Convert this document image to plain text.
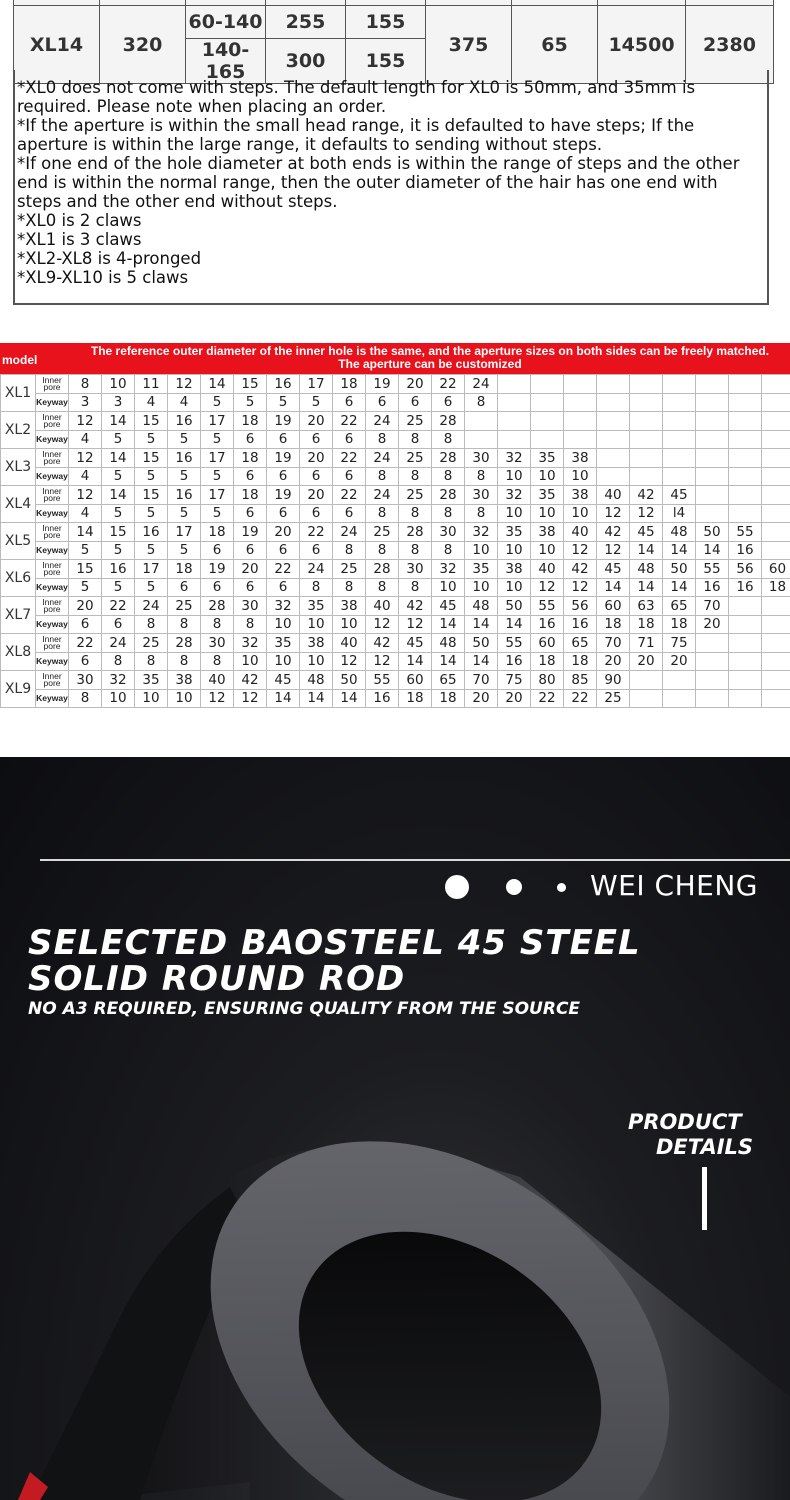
XL14	320	60-140	255	155	375	65	14500	2380
		140-165	300	155				

*XL0 does not come with steps. The default length for XL0 is 50mm, and 35mm is required. Please note when placing an order.

*If the aperture is within the small head range, it is defaulted to have steps; If the aperture is within the large range, it defaults to sending without steps.

*If one end of the hole diameter at both ends is within the range of steps and the other end is within the normal range, then the outer diameter of the hair has one end with steps and the other end without steps.

*XL0 is 2 claws

*XL1 is 3 claws

*XL2-XL8 is 4-pronged

*XL9-XL10 is 5 claws

model
The reference outer diameter of the inner hole is the same, and the aperture sizes on both sides can be freely matched.
The aperture can be customized
XL1	Inner pore	8	10	11	12	14	15	16	17	18	19	20	22	24									
	Keyway	3	3	4	4	5	5	5	5	6	6	6	6	8									
XL2	Inner pore	12	14	15	16	17	18	19	20	22	24	25	28										
	Keyway	4	5	5	5	5	6	6	6	6	8	8	8										
XL3	Inner pore	12	14	15	16	17	18	19	20	22	24	25	28	30	32	35	38						
	Keyway	4	5	5	5	5	6	6	6	6	8	8	8	8	10	10	10						
XL4	Inner pore	12	14	15	16	17	18	19	20	22	24	25	28	30	32	35	38	40	42	45			
	Keyway	4	5	5	5	5	6	6	6	6	8	8	8	8	10	10	10	12	12	l4			
XL5	Inner pore	14	15	16	17	18	19	20	22	24	25	28	30	32	35	38	40	42	45	48	50	55	
	Keyway	5	5	5	5	6	6	6	6	8	8	8	8	10	10	10	12	12	14	14	14	16	
XL6	Inner pore	15	16	17	18	19	20	22	24	25	28	30	32	35	38	40	42	45	48	50	55	56	60
	Keyway	5	5	5	6	6	6	6	8	8	8	8	10	10	10	12	12	14	14	14	16	16	18
XL7	Inner pore	20	22	24	25	28	30	32	35	38	40	42	45	48	50	55	56	60	63	65	70		
	Keyway	6	6	8	8	8	8	10	10	10	12	12	14	14	14	16	16	18	18	18	20		
XL8	Inner pore	22	24	25	28	30	32	35	38	40	42	45	48	50	55	60	65	70	71	75			
	Keyway	6	8	8	8	8	10	10	10	12	12	14	14	14	16	18	18	20	20	20			
XL9	Inner pore	30	32	35	38	40	42	45	48	50	55	60	65	70	75	80	85	90					
	Keyway	8	10	10	10	12	12	14	14	14	16	18	18	20	20	22	22	25					
WEI CHENG
SELECTED BAOSTEEL 45 STEEL
SOLID ROUND ROD
NO A3 REQUIRED, ENSURING QUALITY FROM THE SOURCE
PRODUCT
DETAILS
